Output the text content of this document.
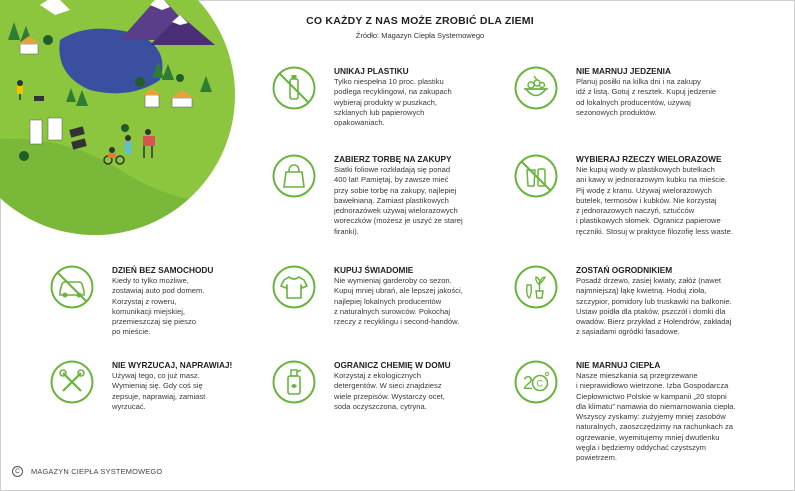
CO KAŻDY Z NAS MOŻE ZROBIĆ DLA ZIEMI
Źródło: Magazyn Ciepła Systemowego
UNIKAJ PLASTIKU
Tylko niespełna 10 proc. plastiku
podlega recyklingowi, na zakupach
wybieraj produkty w puszkach,
szklanych lub papierowych
opakowaniach.
NIE MARNUJ JEDZENIA
Planuj posiłki na kilka dni i na zakupy
idź z listą. Gotuj z resztek. Kupuj jedzenie
od lokalnych producentów, używaj
sezonowych produktów.
ZABIERZ TORBĘ NA ZAKUPY
Siatki foliowe rozkładają się ponad
400 lat! Pamiętaj, by zawsze mieć
przy sobie torbę na zakupy, najlepiej
bawełnianą. Zamiast plastikowych
jednorazówek używaj wielorazowych
woreczków (możesz je uszyć ze starej
firanki).
WYBIERAJ RZECZY WIELORAZOWE
Nie kupuj wody w plastikowych butelkach
ani kawy w jednorazowym kubku na mieście.
Pij wodę z kranu. Używaj wielorazowych
butelek, termosów i kubków. Nie korzystaj
z jednorazowych naczyń, sztućców
i plastikowych słomek. Ogranicz papierowe
ręczniki. Stosuj w praktyce filozofię less waste.
DZIEŃ BEZ SAMOCHODU
Kiedy to tylko możliwe,
zostawiaj auto pod domem.
Korzystaj z roweru,
komunikacji miejskiej,
przemieszczaj się pieszo
po mieście.
KUPUJ ŚWIADOMIE
Nie wymieniaj garderoby co sezon.
Kupuj mniej ubrań, ale lepszej jakości,
najlepiej lokalnych producentów
z naturalnych surowców. Pokochaj
rzeczy z recyklingu i second-handów.
ZOSTAŃ OGRODNIKIEM
Posadź drzewo, zasiej kwiaty, załóż (nawet
najmniejszą) łąkę kwietną. Hoduj zioła,
szczypior, pomidory lub truskawki na balkonie.
Ustaw poidła dla ptaków, pszczół i domki dla
owadów. Bierz przykład z Holendrów, zakładaj
z sąsiadami ogródki fasadowe.
NIE WYRZUCAJ, NAPRAWIAJ!
Używaj tego, co już masz.
Wymieniaj się. Gdy coś się
zepsuje, naprawiaj, zamiast
wyrzucać.
OGRANICZ CHEMIĘ W DOMU
Korzystaj z ekologicznych
detergentów. W sieci znajdziesz
wiele przepisów. Wystarczy ocet,
soda oczyszczona, cytryna.
2 C
NIE MARNUJ CIEPŁA
Nasze mieszkania są przegrzewane
i nieprawidłowo wietrzone. Izba Gospodarcza
Ciepłownictwo Polskie w kampanii „20 stopni
dla klimatu” namawia do niemarnowania ciepła.
Wszyscy zyskamy: zużyjemy mniej zasobów
naturalnych, zaoszczędzimy na rachunkach za
ogrzewanie, wyemitujemy mniej dwutlenku
węgla i będziemy oddychać czystszym
powietrzem.
C MAGAZYN CIEPŁA SYSTEMOWEGO
